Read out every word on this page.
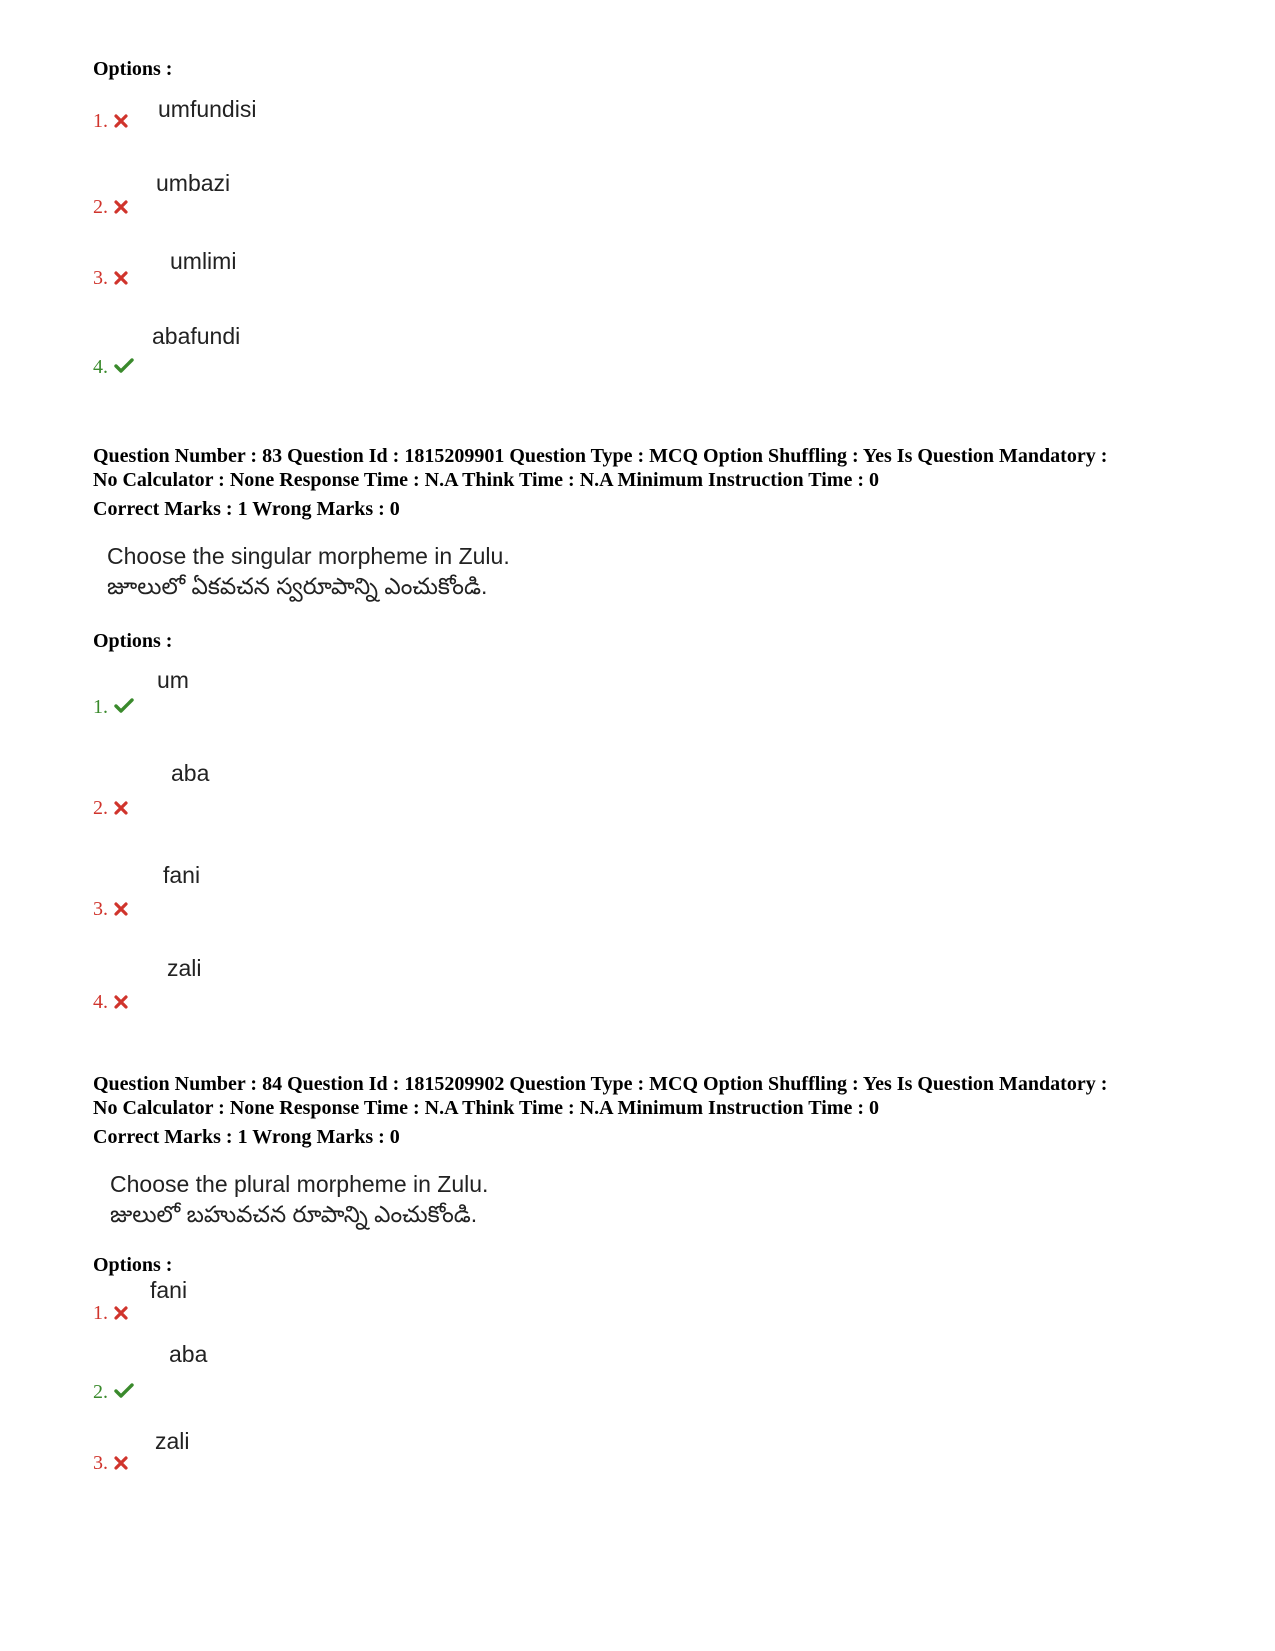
Options :
1.	umfundisi
2.
umbazi
3.
umlimi
4.
abafundi
Question Number : 83 Question Id : 1815209901 Question Type : MCQ Option Shuffling : Yes Is Question Mandatory :
No Calculator : None Response Time : N.A Think Time : N.A Minimum Instruction Time : 0
Correct Marks : 1 Wrong Marks : 0
Choose the singular morpheme in Zulu.
జూలులో ఏకవచన స్వరూపాన్ని ఎంచుకోండి.
Options :
1.
um
2.
aba
3.
fani
4.
zali
Question Number : 84 Question Id : 1815209902 Question Type : MCQ Option Shuffling : Yes Is Question Mandatory :
No Calculator : None Response Time : N.A Think Time : N.A Minimum Instruction Time : 0
Correct Marks : 1 Wrong Marks : 0
Choose the plural morpheme in Zulu.
జులులో బహువచన రూపాన్ని ఎంచుకోండి.
Options :
1.
fani
2.
aba
3.
zali
